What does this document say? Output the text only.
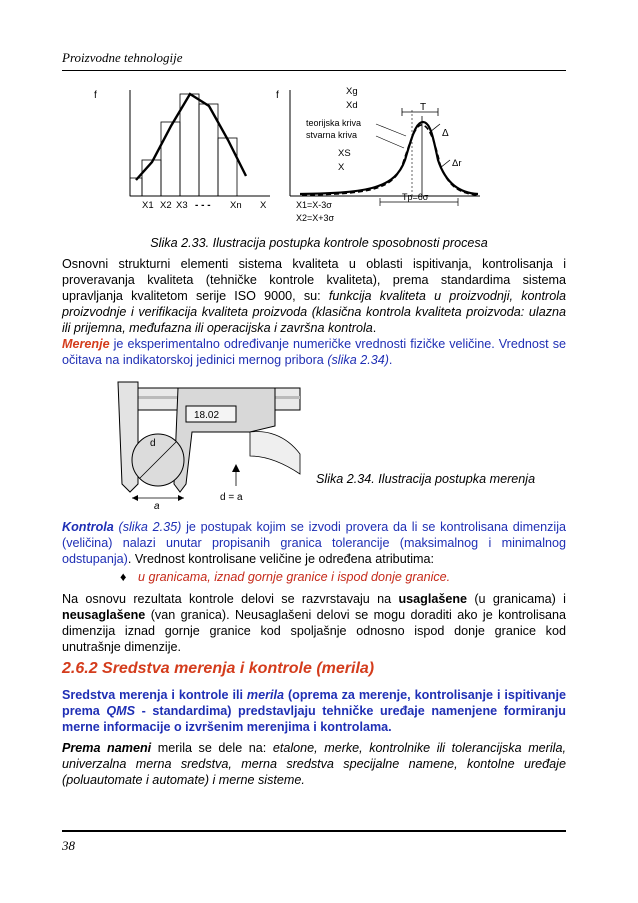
Proizvodne tehnologije
f
X1 X2 X3 - - - Xn X
f	Xg
Xd	T
teorijska kriva
stvarna kriva	Δ
XS
X	Δr
X1=X-3σ
X2=X+3σ
Tp=6σ
Slika 2.33. Ilustracija postupka kontrole sposobnosti procesa
Osnovni strukturni elementi sistema kvaliteta u oblasti ispitivanja, kontrolisanja i proveravanja kvaliteta (tehničke kontrole kvaliteta), prema standardima sistema upravljanja kvalitetom serije ISO 9000, su: funkcija kvaliteta u proizvodnji, kontrola proizvodnje i verifikacija kvaliteta proizvoda (klasična kontrola kvaliteta proizvoda: ulazna ili prijemna, međufazna ili operacijska i završna kontrola.
Merenje je eksperimentalno određivanje numeričke vrednosti fizičke veličine. Vrednost se očitava na indikatorskoj jedinici mernog pribora (slika 2.34).
18.02
d
a
d = a
Slika 2.34. Ilustracija postupka merenja
Kontrola (slika 2.35) je postupak kojim se izvodi provera da li se kontrolisana dimenzija (veličina) nalazi unutar propisanih granica tolerancije (maksimalnog i minimalnog odstupanja). Vrednost kontrolisane veličine je određena atributima:
♦ u granicama, iznad gornje granice i ispod donje granice.
Na osnovu rezultata kontrole delovi se razvrstavaju na usaglašene (u granicama) i neusaglašene (van granica). Neusaglašeni delovi se mogu doraditi ako je kontrolisana dimenzija iznad gornje granice kod spoljašnje odnosno ispod donje granice kod unutrašnje dimenzije.
2.6.2 Sredstva merenja i kontrole (merila)
Sredstva merenja i kontrole ili merila (oprema za merenje, kontrolisanje i ispitivanje prema QMS - standardima) predstavljaju tehničke uređaje namenjene formiranju merne informacije o izvršenim merenjima i kontrolama.
Prema nameni merila se dele na: etalone, merke, kontrolnike ili tolerancijska merila, univerzalna merna sredstva, merna sredstva specijalne namene, kontolne uređaje (poluautomate i automate) i merne sisteme.
38
